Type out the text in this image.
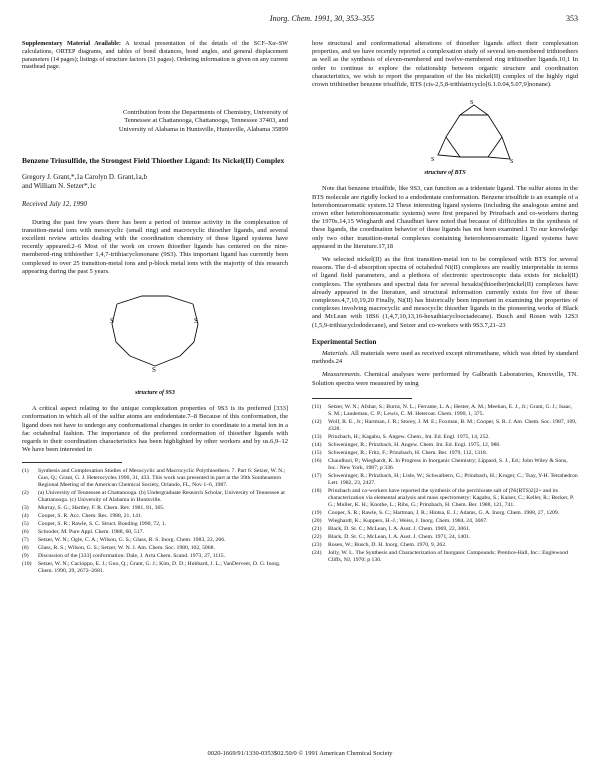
Inorg. Chem. 1991, 30, 353–355	353

Supplementary Material Available: A textual presentation of the details of the SCF–Xα–SW calculations, ORTEP diagrams, and tables of bond distances, bond angles, and general displacement parameters (14 pages); listings of structure factors (31 pages). Ordering information is given on any current masthead page.

Contribution from the Departments of Chemistry, University of Tennessee at Chattanooga, Chattanooga, Tennessee 37403, and University of Alabama in Huntsville, Huntsville, Alabama 35899
Benzene Triusulfide, the Strongest Field Thioether Ligand: Its Nickel(II) Complex
Gregory J. Grant,*,1a Carolyn D. Grant,1a,b
and William N. Setzer*,1c
Received July 12, 1990

During the past few years there has been a period of intense activity in the complexation of transition-metal ions with mesocyclic (small ring) and macrocyclic thioether ligands, and several excellent review articles dealing with the coordination chemistry of these ligand systems have recently appeared.2–6 Most of the work on crown thioether ligands has centered on the nine-membered-ring trithioether 1,4,7-trithiacyclononane (9S3). This important ligand has currently been complexed to over 25 transition-metal ions and p-block metal ions with the majority of this research appearing during the past 5 years.

S	S
S
structure of 9S3

A critical aspect relating to the unique complexation properties of 9S3 is its preferred [333] conformation in which all of the sulfur atoms are endodentate.7–8 Because of this conformation, the ligand does not have to undergo any conformational changes in order to coordinate to a metal ion in a fac octahedral fashion. The importance of the preferred conformation of thioether ligands with regards to their coordination characteristics has been highlighted by other workers and by us.6,9–12 We have been interested in

(1)	Synthesis and Complexation Studies of Mesocyclic and Macrocyclic Polythioethers. 7. Part 6: Setzer, W. N.; Guo, Q.; Grant, G. J. Heterocycles 1990, 31, 433. This work was presented in part at the 39th Southeastern Regional Meeting of the American Chemical Society, Orlando, FL, Nov 1–6, 1987.
(2)	(a) University of Tennessee at Chattanooga. (b) Undergraduate Research Scholar, University of Tennessee at Chattanooga. (c) University of Alabama in Huntsville.
(3)	Murray, S. G.; Hartley, F. R. Chem. Rev. 1981, 81, 365.
(4)	Cooper, S. R. Acc. Chem. Res. 1988, 21, 141.
(5)	Cooper, S. R.; Rawle, S. C. Struct. Bonding 1990, 72, 1.
(6)	Schroder, M. Pure Appl. Chem. 1988, 60, 517.
(7)	Setzer, W. N.; Ogle, C. A.; Wilson, G. S.; Glass, R. S. Inorg. Chem. 1983, 22, 266.
(8)	Glass, R. S.; Wilson, G. S.; Setzer, W. N. J. Am. Chem. Soc. 1980, 102, 5068.
(9)	Discussion of the [333] conformation: Dale, J. Acta Chem. Scand. 1973, 27, 1115.
(10)	Setzer, W. N.; Cacioppo, E. J.; Guo, Q.; Grant, G. J.; Kim, D. D.; Hubbard, J. L.; VanDerveer, D. G. Inorg. Chem. 1990, 29, 2672–2681.

how structural and conformational alterations of thioether ligands affect their complexation properties, and we have recently reported a complexation study of several ten-membered trithioethers as well as the synthesis of eleven-membered and twelve-membered ring trithioether ligands.10,1 In order to continue to explore the relationship between organic structure and coordination characteristics, we wish to report the preparation of the bis nickel(II) complex of the highly rigid crown trithioether benzene trisulfide, BTS (cis-2,5,8-trithiatricyclo[6.1.0.04,5.07,9]nonane).

S
S
S
structure of BTS

Note that benzene trisulfide, like 9S3, can function as a tridentate ligand. The sulfur atoms in the BTS molecule are rigidly locked to a endodentate conformation. Benzene trisulfide is an example of a heterohomoaromatic system.12 These interesting ligand systems (including the analogous amine and crown ether heterohomoaromatic systems) were first prepared by Prinzbach and co-workers during the 1970s.14,15 Wieghardt and Chaudhuri have noted that because of difficulties in the synthesis of these ligands, the coordination behavior of these ligands has not been examined.1 To our knowledge only two other transition-metal complexes containing heterohomoaromatic ligand systems have appeared in the literature.17,18

We selected nickel(II) as the first transition-metal ion to be complexed with BTS for several reasons. The d–d absorption spectra of octahedral Ni(II) complexes are readily interpretable in terms of ligand field parameters, and a plethora of electronic spectroscopic data exists for nickel(II) complexes. The syntheses and spectral data for several hexakis(thioether)nickel(II) complexes have already appeared in the literature, and structural information currently exists for five of these complexes.4,7,10,19,20 Finally, Ni(II) has historically been important in examining the properties of complexes involving macrocyclic and mesocyclic thioether ligands in the pioneering works of Black and McLean with 18S6 (1,4,7,10,13,16-hexathiacyclooctadecane). Busch and Rosen with 12S3 (1,5,9-trithiacyclododecane), and Setzer and co-workers with 9S3.7,21–23

Experimental Section

Materials. All materials were used as received except nitromethane, which was dried by standard methods.24

Measurements. Chemical analyses were performed by Galbraith Laboratories, Knoxville, TN. Solution spectra were measured by using

(11)	Setzer, W. N.; Afshar, S.; Burns, N. L.; Ferrante, L. A.; Hester, A. M.; Meehan, E. J., Jr.; Grant, G. J.; Isaac, S. M.; Laudeman, C. P.; Lewis, C. M. Heteroat. Chem. 1990, 1, 375.
(12)	Wolf, R. E., Jr.; Hartman, J. R.; Storey, J. M. E.; Foxman, B. M.; Cooper, S. R. J. Am. Chem. Soc. 1987, 109, 4328.
(13)	Prinzbach, H.; Kagabu, S. Angew. Chem., Int. Ed. Engl. 1975, 14, 252.
(14)	Schweninger, R.; Prinzbach, H. Angew. Chem. Int. Ed. Engl. 1975, 12, 986.
(15)	Schweninger, R.; Fritz, F.; Prinzbach, H. Chem. Ber. 1979, 112, 1318.
(16)	Chaudhuri, P.; Wieghardt, K. In Progress in Inorganic Chemistry; Lippard, S. J., Ed.; John Wiley & Sons, Inc.: New York, 1987; p 336.
(17)	Schweninger, R.; Prinzbach, H.; Lisle, W.; Schwalbern, G.; Prinzbach, H.; Kruger, C.; Tsay, Y-H. Tetrahedron Lett. 1982, 23, 2427.
(18)	Prinzbach and co-workers have reported the synthesis of the perchlorate salt of [Ni(BTS)2]2+ and its characterization via elemental analysis and mass spectrometry: Kagabu, S.; Kaiser, C.; Keller, R.; Becker, P. G.; Muller, K. H.; Knothe, L.; Rihs, G.; Prinzbach, H. Chem. Ber. 1988, 121, 741.
(19)	Cooper, S. R.; Rawle, S. C.; Hartman, J. R.; Hintsa, E. J.; Adams, G. A. Inorg. Chem. 1988, 27, 1209.
(20)	Wieghardt, K.; Kuppers, H.-J.; Weiss, J. Inorg. Chem. 1984, 24, 3067.
(21)	Black, D. St. C.; McLean, I. A. Aust. J. Chem. 1969, 22, 3061.
(22)	Black, D. St. C.; McLean, I. A. Aust. J. Chem. 1971, 24, 1401.
(23)	Rosen, W.; Busch, D. H. Inorg. Chem. 1970, 9, 262.
(24)	Jolly, W. L. The Synthesis and Characterization of Inorganic Compounds; Prentice-Hall, Inc.: Englewood Cliffs, NJ, 1970; p 130.
0020-1669/91/1330-0353$02.50/0 © 1991 American Chemical Society
